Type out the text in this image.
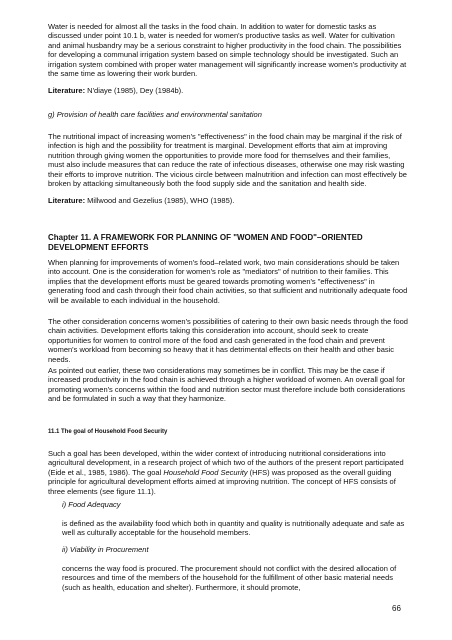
Water is needed for almost all the tasks in the food chain. In addition to water for domestic tasks as discussed under point 10.1 b, water is needed for women's productive tasks as well. Water for cultivation and animal husbandry may be a serious constraint to higher productivity in the food chain. The possibilities for developing a communal irrigation system based on simple technology should be investigated. Such an irrigation system combined with proper water management will significantly increase women's productivity at the same time as lowering their work burden.

Literature: N'diaye (1985), Dey (1984b).

g) Provision of health care facilities and environmental sanitation

The nutritional impact of increasing women's "effectiveness" in the food chain may be marginal if the risk of infection is high and the possibility for treatment is marginal. Development efforts that aim at improving nutrition through giving women the opportunities to provide more food for themselves and their families, must also include measures that can reduce the rate of infectious diseases, otherwise one may risk wasting their efforts to improve nutrition. The vicious circle between malnutrition and infection can most effectively be broken by attacking simultaneously both the food supply side and the sanitation and health side.

Literature: Millwood and Gezelius (1985), WHO (1985).

Chapter 11. A FRAMEWORK FOR PLANNING OF "WOMEN AND FOOD"–ORIENTED DEVELOPMENT EFFORTS

When planning for improvements of women's food–related work, two main considerations should be taken into account. One is the consideration for women's role as "mediators" of nutrition to their families. This implies that the development efforts must be geared towards promoting women's "effectiveness" in generating food and cash through their food chain activities, so that sufficient and nutritionally adequate food will be available to each individual in the household.

The other consideration concerns women's possibilities of catering to their own basic needs through the food chain activities. Development efforts taking this consideration into account, should seek to create opportunities for women to control more of the food and cash generated in the food chain and prevent women's workload from becoming so heavy that it has detrimental effects on their health and other basic needs.

As pointed out earlier, these two considerations may sometimes be in conflict. This may be the case if increased productivity in the food chain is achieved through a higher workload of women. An overall goal for promoting women's concerns within the food and nutrition sector must therefore include both considerations and be formulated in such a way that they harmonize.

11.1 The goal of Household Food Security

Such a goal has been developed, within the wider context of introducing nutritional considerations into agricultural development, in a research project of which two of the authors of the present report participated (Eide et al., 1985, 1986). The goal Household Food Security (HFS) was proposed as the overall guiding principle for agricultural development efforts aimed at improving nutrition. The concept of HFS consists of three elements (see figure 11.1).

i) Food Adequacy

is defined as the availability food which both in quantity and quality is nutritionally adequate and safe as well as culturally acceptable for the household members.

ii) Viability in Procurement

concerns the way food is procured. The procurement should not conflict with the desired allocation of resources and time of the members of the household for the fulfillment of other basic material needs (such as health, education and shelter). Furthermore, it should promote,

66
